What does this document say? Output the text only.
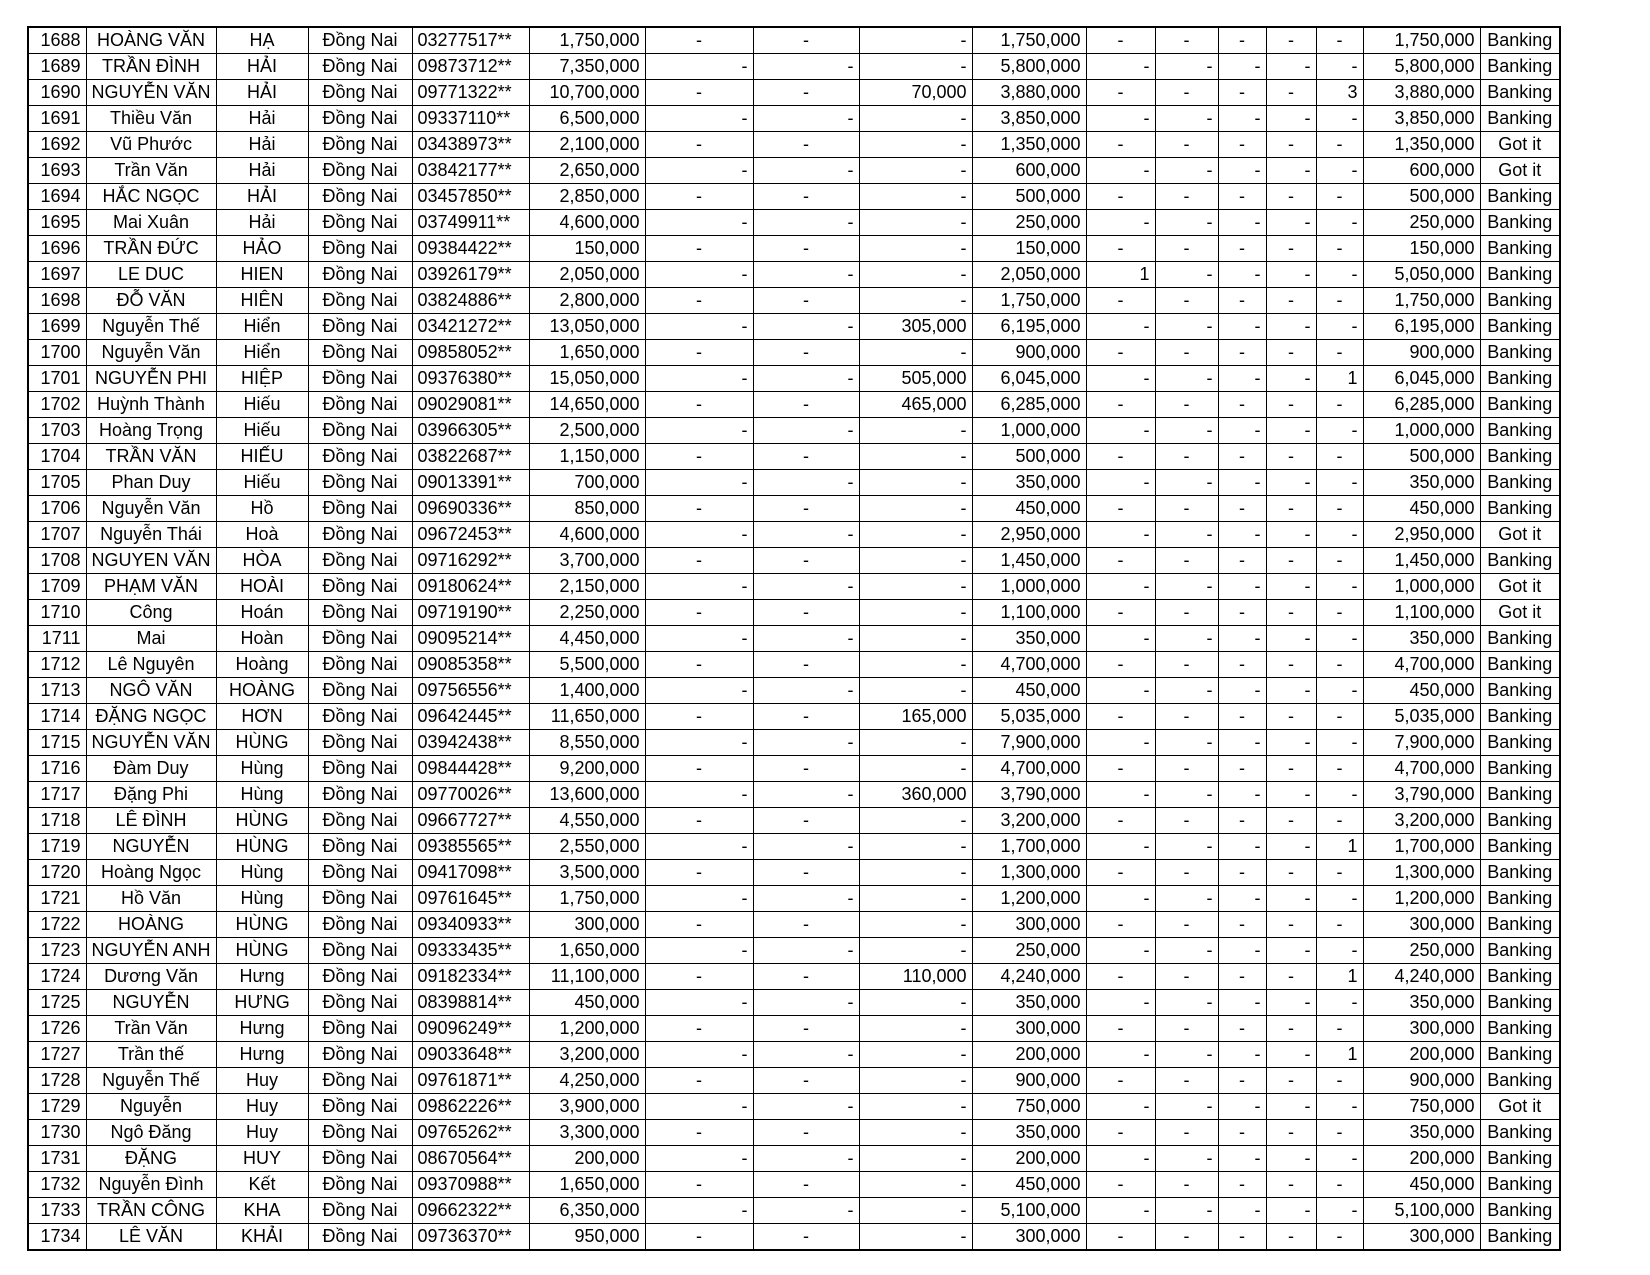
1688	HOÀNG VĂN	HẠ	Đồng Nai	03277517**	1,750,000	-	-	-	1,750,000	-	-	-	-	-	1,750,000	Banking
1689	TRẦN ĐÌNH	HẢI	Đồng Nai	09873712**	7,350,000	-	-	-	5,800,000	-	-	-	-	-	5,800,000	Banking
1690	NGUYỄN VĂN	HẢI	Đồng Nai	09771322**	10,700,000	-	-	70,000	3,880,000	-	-	-	-	3	3,880,000	Banking
1691	Thiều Văn	Hải	Đồng Nai	09337110**	6,500,000	-	-	-	3,850,000	-	-	-	-	-	3,850,000	Banking
1692	Vũ Phước	Hải	Đồng Nai	03438973**	2,100,000	-	-	-	1,350,000	-	-	-	-	-	1,350,000	Got it
1693	Trần Văn	Hải	Đồng Nai	03842177**	2,650,000	-	-	-	600,000	-	-	-	-	-	600,000	Got it
1694	HẮC NGỌC	HẢI	Đồng Nai	03457850**	2,850,000	-	-	-	500,000	-	-	-	-	-	500,000	Banking
1695	Mai Xuân	Hải	Đồng Nai	03749911**	4,600,000	-	-	-	250,000	-	-	-	-	-	250,000	Banking
1696	TRẦN ĐỨC	HẢO	Đồng Nai	09384422**	150,000	-	-	-	150,000	-	-	-	-	-	150,000	Banking
1697	LE DUC	HIEN	Đồng Nai	03926179**	2,050,000	-	-	-	2,050,000	1	-	-	-	-	5,050,000	Banking
1698	ĐỖ VĂN	HIÊN	Đồng Nai	03824886**	2,800,000	-	-	-	1,750,000	-	-	-	-	-	1,750,000	Banking
1699	Nguyễn Thế	Hiển	Đồng Nai	03421272**	13,050,000	-	-	305,000	6,195,000	-	-	-	-	-	6,195,000	Banking
1700	Nguyễn Văn	Hiển	Đồng Nai	09858052**	1,650,000	-	-	-	900,000	-	-	-	-	-	900,000	Banking
1701	NGUYỄN PHI	HIỆP	Đồng Nai	09376380**	15,050,000	-	-	505,000	6,045,000	-	-	-	-	1	6,045,000	Banking
1702	Huỳnh Thành	Hiếu	Đồng Nai	09029081**	14,650,000	-	-	465,000	6,285,000	-	-	-	-	-	6,285,000	Banking
1703	Hoàng Trọng	Hiếu	Đồng Nai	03966305**	2,500,000	-	-	-	1,000,000	-	-	-	-	-	1,000,000	Banking
1704	TRẦN VĂN	HIẾU	Đồng Nai	03822687**	1,150,000	-	-	-	500,000	-	-	-	-	-	500,000	Banking
1705	Phan Duy	Hiếu	Đồng Nai	09013391**	700,000	-	-	-	350,000	-	-	-	-	-	350,000	Banking
1706	Nguyễn Văn	Hồ	Đồng Nai	09690336**	850,000	-	-	-	450,000	-	-	-	-	-	450,000	Banking
1707	Nguyễn Thái	Hoà	Đồng Nai	09672453**	4,600,000	-	-	-	2,950,000	-	-	-	-	-	2,950,000	Got it
1708	NGUYEN VĂN	HÒA	Đồng Nai	09716292**	3,700,000	-	-	-	1,450,000	-	-	-	-	-	1,450,000	Banking
1709	PHẠM VĂN	HOÀI	Đồng Nai	09180624**	2,150,000	-	-	-	1,000,000	-	-	-	-	-	1,000,000	Got it
1710	Công	Hoán	Đồng Nai	09719190**	2,250,000	-	-	-	1,100,000	-	-	-	-	-	1,100,000	Got it
1711	Mai	Hoàn	Đồng Nai	09095214**	4,450,000	-	-	-	350,000	-	-	-	-	-	350,000	Banking
1712	Lê Nguyên	Hoàng	Đồng Nai	09085358**	5,500,000	-	-	-	4,700,000	-	-	-	-	-	4,700,000	Banking
1713	NGÔ VĂN	HOÀNG	Đồng Nai	09756556**	1,400,000	-	-	-	450,000	-	-	-	-	-	450,000	Banking
1714	ĐẶNG NGỌC	HƠN	Đồng Nai	09642445**	11,650,000	-	-	165,000	5,035,000	-	-	-	-	-	5,035,000	Banking
1715	NGUYỄN VĂN	HÙNG	Đồng Nai	03942438**	8,550,000	-	-	-	7,900,000	-	-	-	-	-	7,900,000	Banking
1716	Đàm Duy	Hùng	Đồng Nai	09844428**	9,200,000	-	-	-	4,700,000	-	-	-	-	-	4,700,000	Banking
1717	Đặng Phi	Hùng	Đồng Nai	09770026**	13,600,000	-	-	360,000	3,790,000	-	-	-	-	-	3,790,000	Banking
1718	LÊ ĐÌNH	HÙNG	Đồng Nai	09667727**	4,550,000	-	-	-	3,200,000	-	-	-	-	-	3,200,000	Banking
1719	NGUYỄN	HÙNG	Đồng Nai	09385565**	2,550,000	-	-	-	1,700,000	-	-	-	-	1	1,700,000	Banking
1720	Hoàng Ngọc	Hùng	Đồng Nai	09417098**	3,500,000	-	-	-	1,300,000	-	-	-	-	-	1,300,000	Banking
1721	Hồ Văn	Hùng	Đồng Nai	09761645**	1,750,000	-	-	-	1,200,000	-	-	-	-	-	1,200,000	Banking
1722	HOÀNG	HÙNG	Đồng Nai	09340933**	300,000	-	-	-	300,000	-	-	-	-	-	300,000	Banking
1723	NGUYỄN ANH	HÙNG	Đồng Nai	09333435**	1,650,000	-	-	-	250,000	-	-	-	-	-	250,000	Banking
1724	Dương Văn	Hưng	Đồng Nai	09182334**	11,100,000	-	-	110,000	4,240,000	-	-	-	-	1	4,240,000	Banking
1725	NGUYỄN	HƯNG	Đồng Nai	08398814**	450,000	-	-	-	350,000	-	-	-	-	-	350,000	Banking
1726	Trần Văn	Hưng	Đồng Nai	09096249**	1,200,000	-	-	-	300,000	-	-	-	-	-	300,000	Banking
1727	Trần thế	Hưng	Đồng Nai	09033648**	3,200,000	-	-	-	200,000	-	-	-	-	1	200,000	Banking
1728	Nguyễn Thế	Huy	Đồng Nai	09761871**	4,250,000	-	-	-	900,000	-	-	-	-	-	900,000	Banking
1729	Nguyễn	Huy	Đồng Nai	09862226**	3,900,000	-	-	-	750,000	-	-	-	-	-	750,000	Got it
1730	Ngô Đăng	Huy	Đồng Nai	09765262**	3,300,000	-	-	-	350,000	-	-	-	-	-	350,000	Banking
1731	ĐẶNG	HUY	Đồng Nai	08670564**	200,000	-	-	-	200,000	-	-	-	-	-	200,000	Banking
1732	Nguyễn Đình	Kết	Đồng Nai	09370988**	1,650,000	-	-	-	450,000	-	-	-	-	-	450,000	Banking
1733	TRẦN CÔNG	KHA	Đồng Nai	09662322**	6,350,000	-	-	-	5,100,000	-	-	-	-	-	5,100,000	Banking
1734	LÊ VĂN	KHẢI	Đồng Nai	09736370**	950,000	-	-	-	300,000	-	-	-	-	-	300,000	Banking
